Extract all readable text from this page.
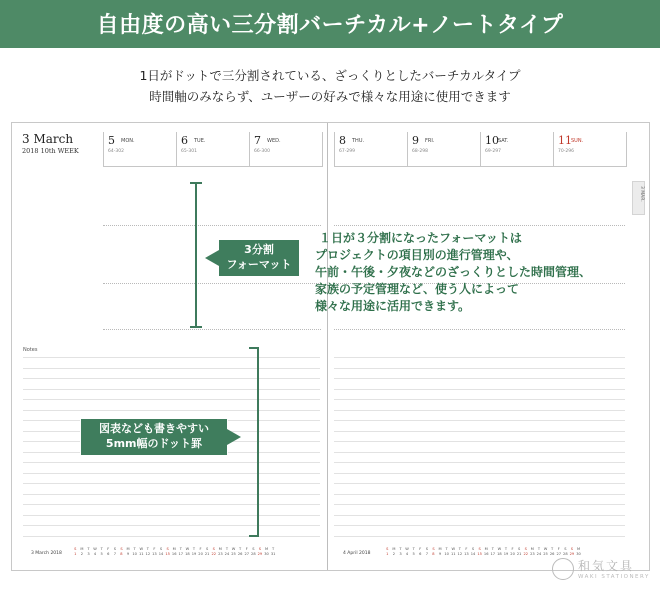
自由度の高い三分割バーチカル+ノートタイプ
1日がドットで三分割されている、ざっくりとしたバーチカルタイプ
時間軸のみならず、ユーザーの好みで様々な用途に使用できます
3 March
2018 10th WEEK
5 MON.
64-302
6 TUE.
65-301
7 WED.
66-300
8 THU.
67-299
9 FRI.
68-298
10 SAT.
69-297
11 SUN.
70-296
3 MAR.
Notes
3 March 2018	4 April 2018
S
1
M
2
T
3
W
4
T
5
F
6
S
7
S
8
M
9
T
10
W
11
T
12
F
13
S
14
S
15
M
16
T
17
W
18
T
19
F
20
S
21
S
22
M
23
T
24
W
25
T
26
F
27
S
28
S
29
M
30
T
31
S
1
M
2
T
3
W
4
T
5
F
6
S
7
S
8
M
9
T
10
W
11
T
12
F
13
S
14
S
15
M
16
T
17
W
18
T
19
F
20
S
21
S
22
M
23
T
24
W
25
T
26
F
27
S
28
S
29
M
30
3分割
フォーマット
図表なども書きやすい
5mm幅のドット罫
１日が３分割になったフォーマットは
プロジェクトの項目別の進行管理や、
午前・午後・夕夜などのざっくりとした時間管理、
家族の予定管理など、使う人によって
様々な用途に活用できます。
和気文具
WAKI STATIONERY
